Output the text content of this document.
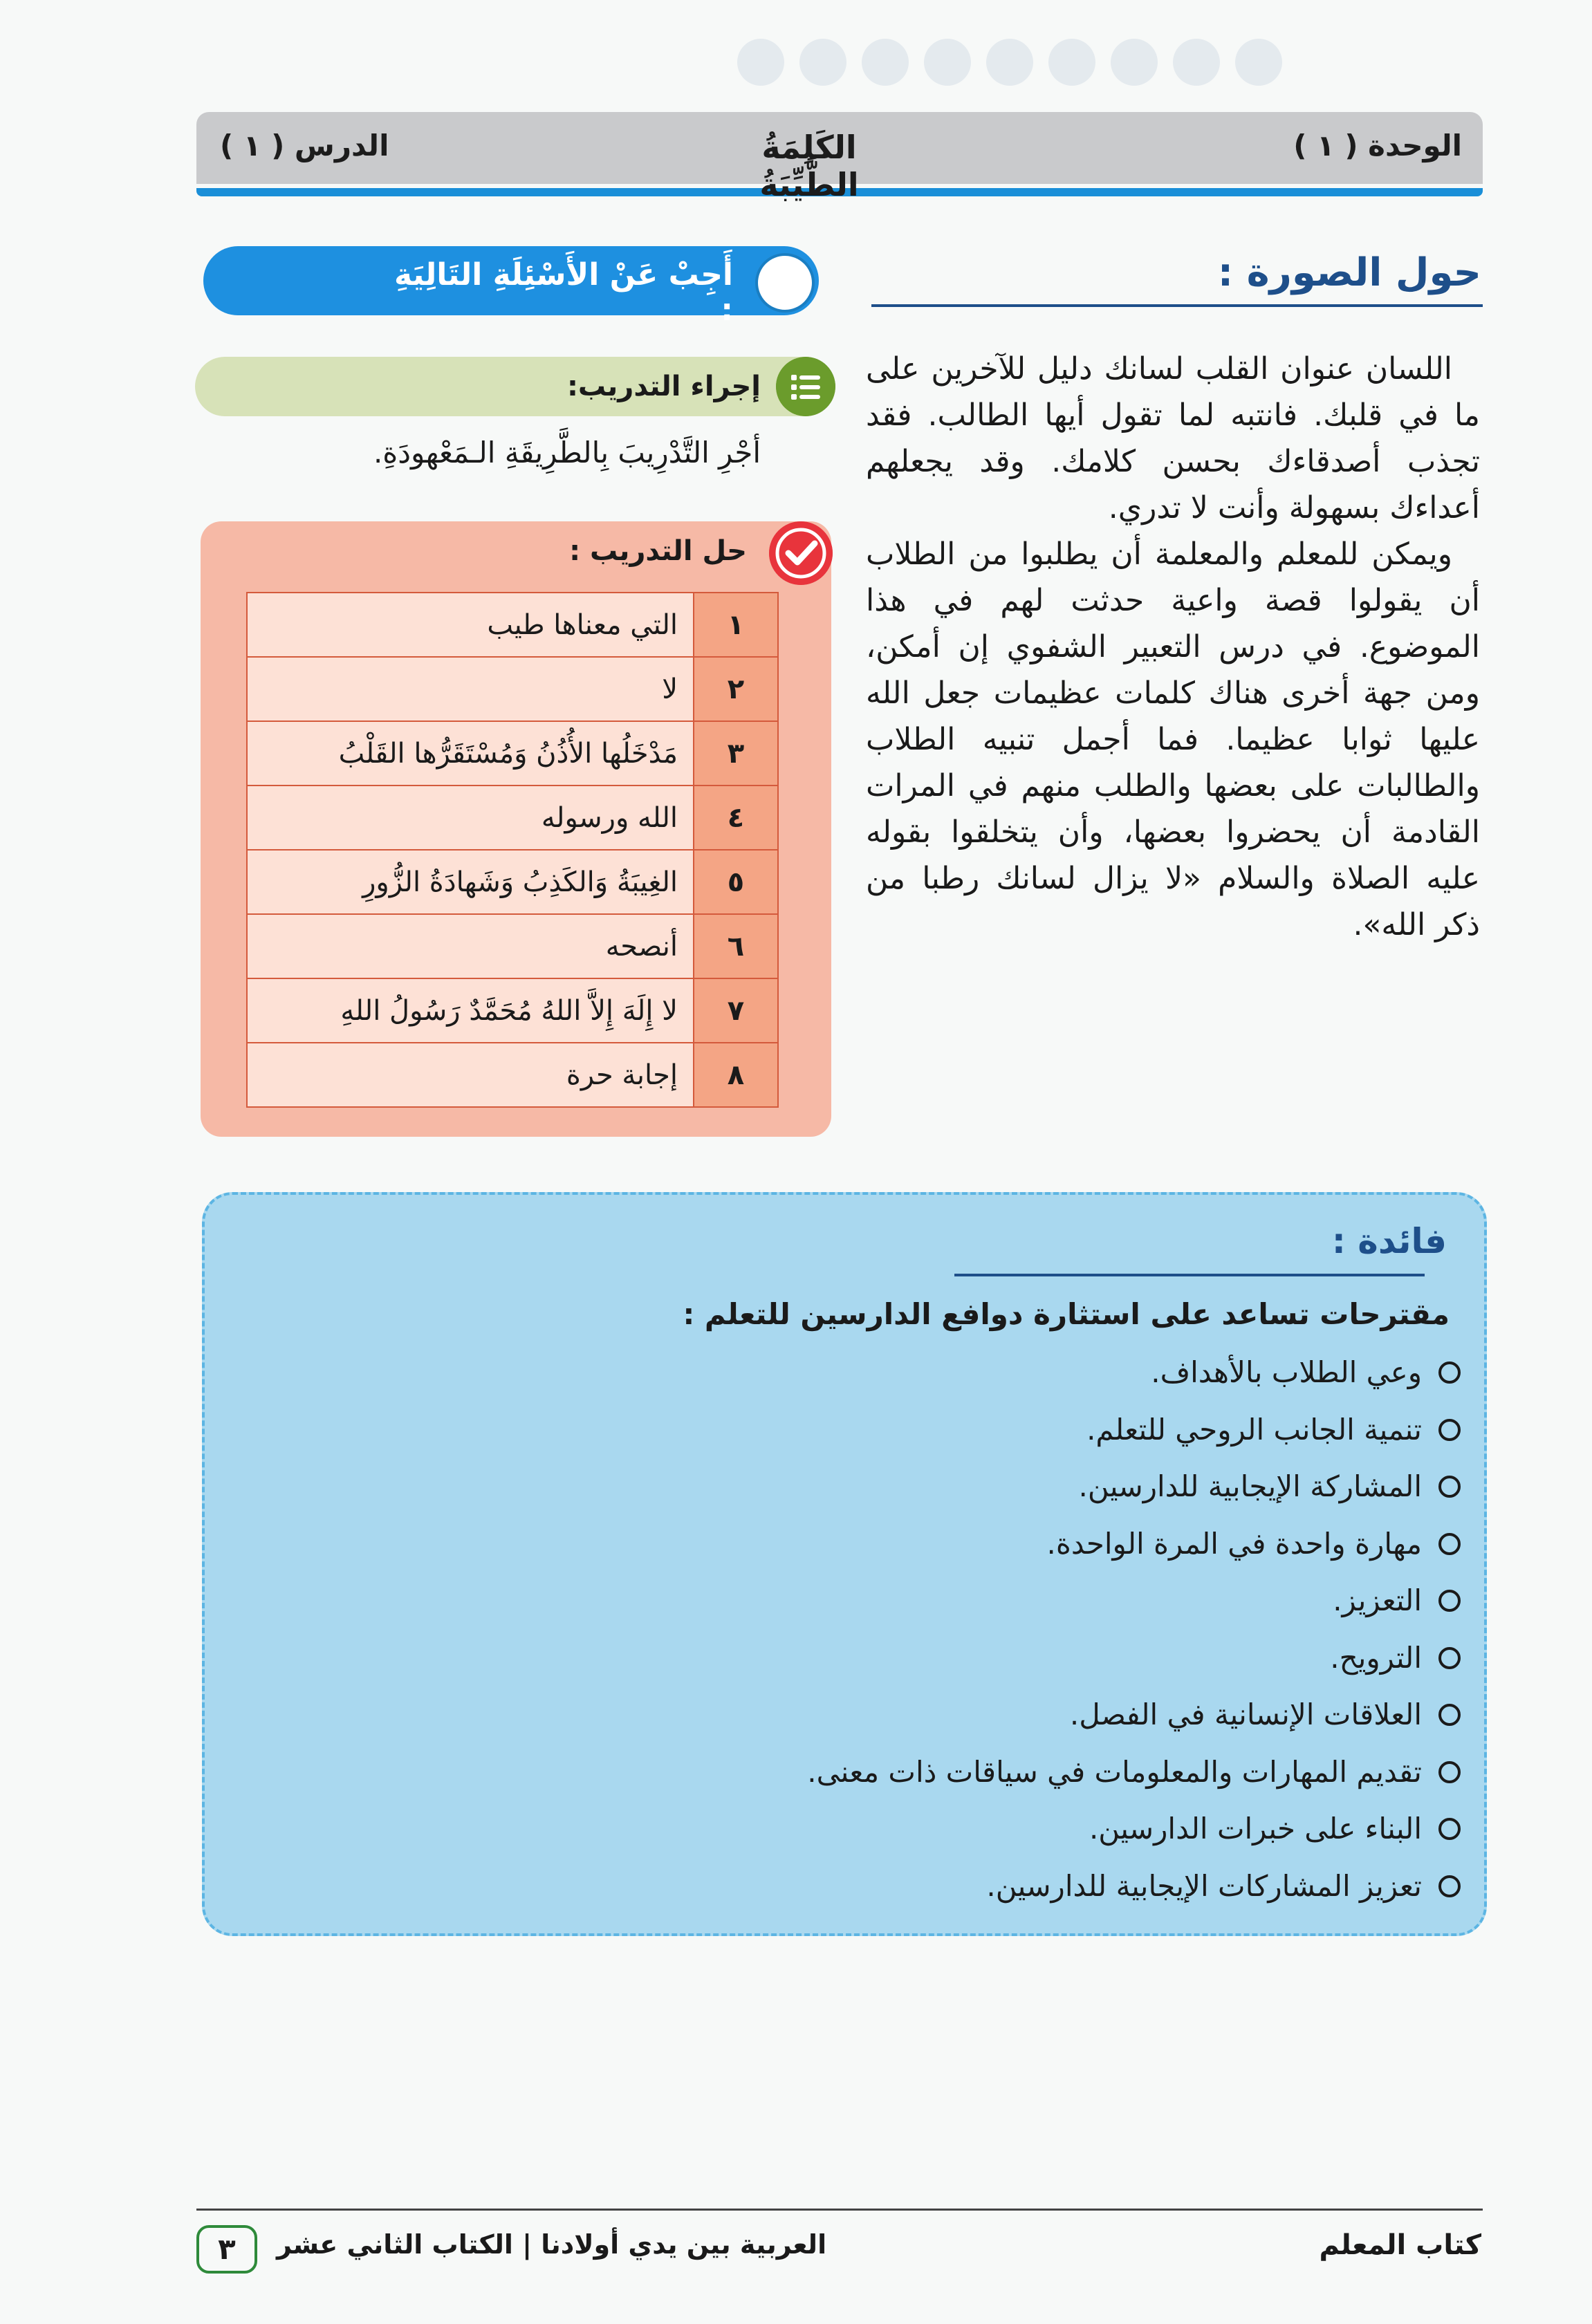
الوحدة ( ١ )
الكَلِمَةُ الطَّيِّبَةُ
الدرس ( ١ )
حول الصورة :

اللسان عنوان القلب لسانك دليل للآخرين على ما في قلبك. فانتبه لما تقول أيها الطالب. فقد تجذب أصدقاءك بحسن كلامك. وقد يجعلهم أعداءك بسهولة وأنت لا تدري.

ويمكن للمعلم والمعلمة أن يطلبوا من الطلاب أن يقولوا قصة واعية حدثت لهم في هذا الموضوع. في درس التعبير الشفوي إن أمكن، ومن جهة أخرى هناك كلمات عظيمات جعل الله عليها ثوابا عظيما. فما أجمل تنبيه الطلاب والطالبات على بعضها والطلب منهم في المرات القادمة أن يحضروا بعضها، وأن يتخلقوا بقوله عليه الصلاة والسلام «لا يزال لسانك رطبا من ذكر الله».

أَجِبْ عَنْ الأَسْئِلَةِ التَالِيَةِ :
إجراء التدريب:
أجْرِ التَّدْرِيبَ بِالطَّرِيقَةِ الـمَعْهودَةِ.
حل التدريب :
١	التي معناها طيب
٢	لا
٣	مَدْخَلُها الأُذُنُ وَمُسْتَقَرُّها القَلْبُ
٤	الله ورسوله
٥	الغِيبَةُ وَالكَذِبُ وَشَهادَةُ الزُّورِ
٦	أنصحه
٧	لا إِلَهَ إِلاَّ اللهُ مُحَمَّدٌ رَسُولُ اللهِ
٨	إجابة حرة
فائدة :
مقترحات تساعد على استثارة دوافع الدارسين للتعلم :
وعي الطلاب بالأهداف.
تنمية الجانب الروحي للتعلم.
المشاركة الإيجابية للدارسين.
مهارة واحدة في المرة الواحدة.
التعزيز.
الترويح.
العلاقات الإنسانية في الفصل.
تقديم المهارات والمعلومات في سياقات ذات معنى.
البناء على خبرات الدارسين.
تعزيز المشاركات الإيجابية للدارسين.
كتاب المعلم
العربية بين يدي أولادنا | الكتاب الثاني عشر
٣
